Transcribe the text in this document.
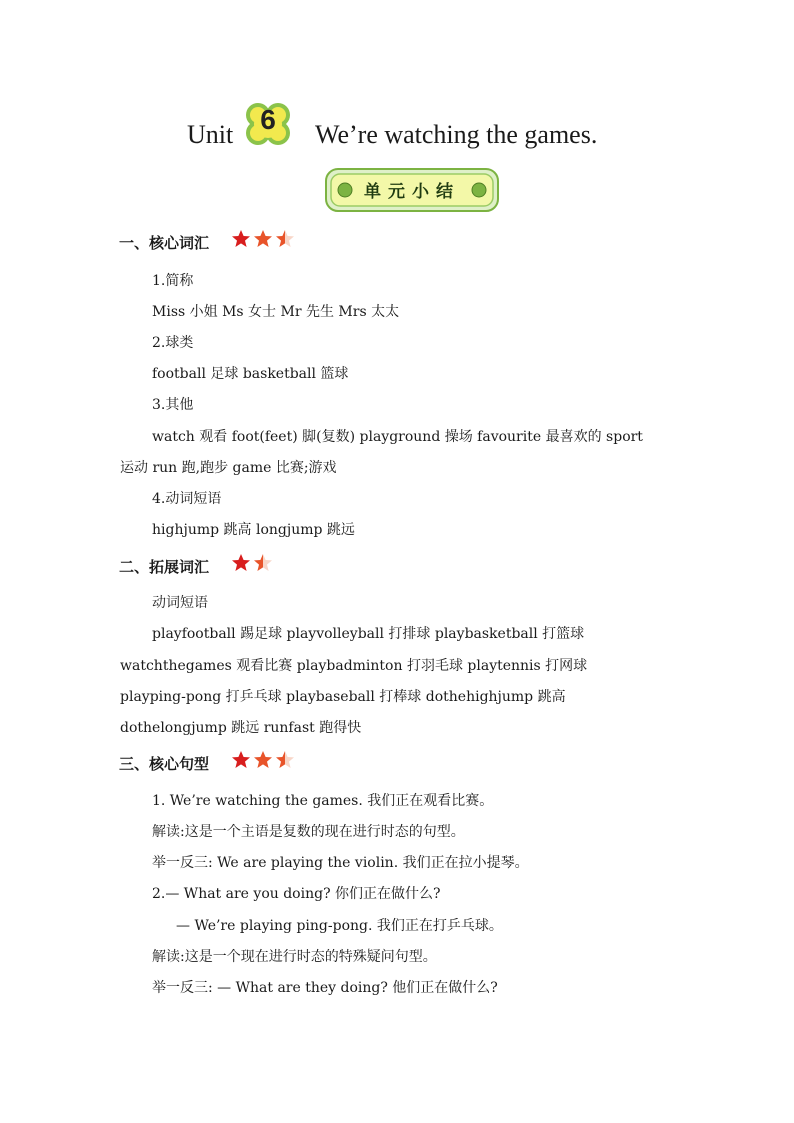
Unit 6	We’re watching the games.
单元小结
一、核心词汇
1.简称
Miss 小姐 Ms 女士 Mr 先生 Mrs 太太
2.球类
football 足球 basketball 篮球
3.其他
watch 观看 foot(feet) 脚(复数) playground 操场 favourite 最喜欢的 sport
运动 run 跑,跑步 game 比赛;游戏
4.动词短语
highjump 跳高 longjump 跳远
二、拓展词汇
动词短语
playfootball 踢足球 playvolleyball 打排球 playbasketball 打篮球
watchthegames 观看比赛 playbadminton 打羽毛球 playtennis 打网球
playping-pong 打乒乓球 playbaseball 打棒球 dothehighjump 跳高
dothelongjump 跳远 runfast 跑得快
三、核心句型
1. We’re watching the games. 我们正在观看比赛。
解读:这是一个主语是复数的现在进行时态的句型。
举一反三: We are playing the violin. 我们正在拉小提琴。
2.— What are you doing? 你们正在做什么?
— We’re playing ping-pong. 我们正在打乒乓球。
解读:这是一个现在进行时态的特殊疑问句型。
举一反三: — What are they doing? 他们正在做什么?
